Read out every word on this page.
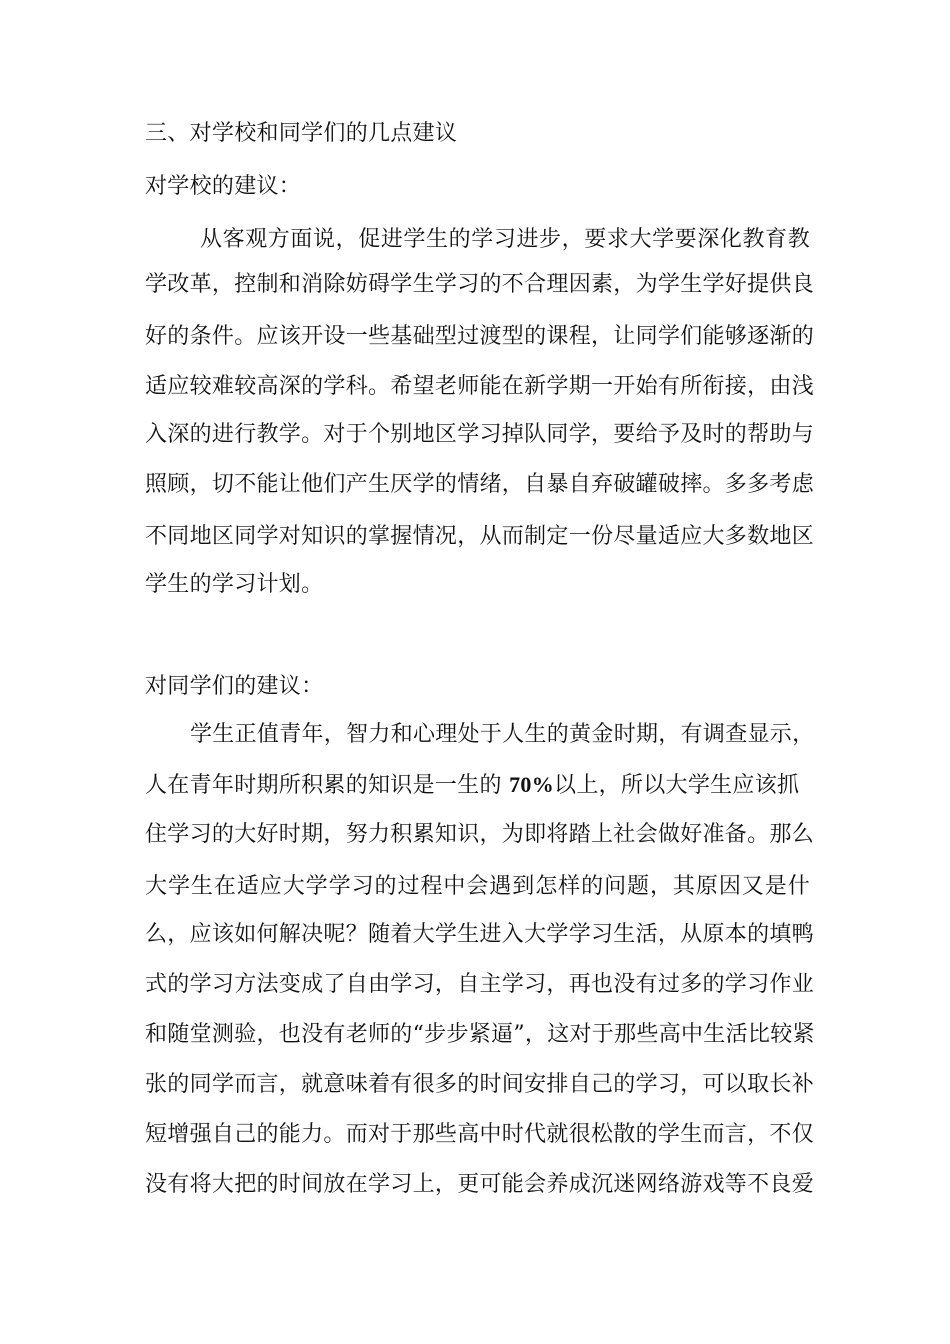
三、对学校和同学们的几点建议
对学校的建议：
从客观方面说，促进学生的学习进步，要求大学要深化教育教
学改革，控制和消除妨碍学生学习的不合理因素，为学生学好提供良
好的条件。应该开设一些基础型过渡型的课程，让同学们能够逐渐的
适应较难较高深的学科。希望老师能在新学期一开始有所衔接，由浅
入深的进行教学。对于个别地区学习掉队同学，要给予及时的帮助与
照顾，切不能让他们产生厌学的情绪，自暴自弃破罐破摔。多多考虑
不同地区同学对知识的掌握情况，从而制定一份尽量适应大多数地区
学生的学习计划。
对同学们的建议：
学生正值青年，智力和心理处于人生的黄金时期，有调查显示，
人在青年时期所积累的知识是一生的 70%以上，所以大学生应该抓
住学习的大好时期，努力积累知识，为即将踏上社会做好准备。那么
大学生在适应大学学习的过程中会遇到怎样的问题，其原因又是什
么，应该如何解决呢？随着大学生进入大学学习生活，从原本的填鸭
式的学习方法变成了自由学习，自主学习，再也没有过多的学习作业
和随堂测验，也没有老师的“步步紧逼”，这对于那些高中生活比较紧
张的同学而言，就意味着有很多的时间安排自己的学习，可以取长补
短增强自己的能力。而对于那些高中时代就很松散的学生而言，不仅
没有将大把的时间放在学习上，更可能会养成沉迷网络游戏等不良爱
